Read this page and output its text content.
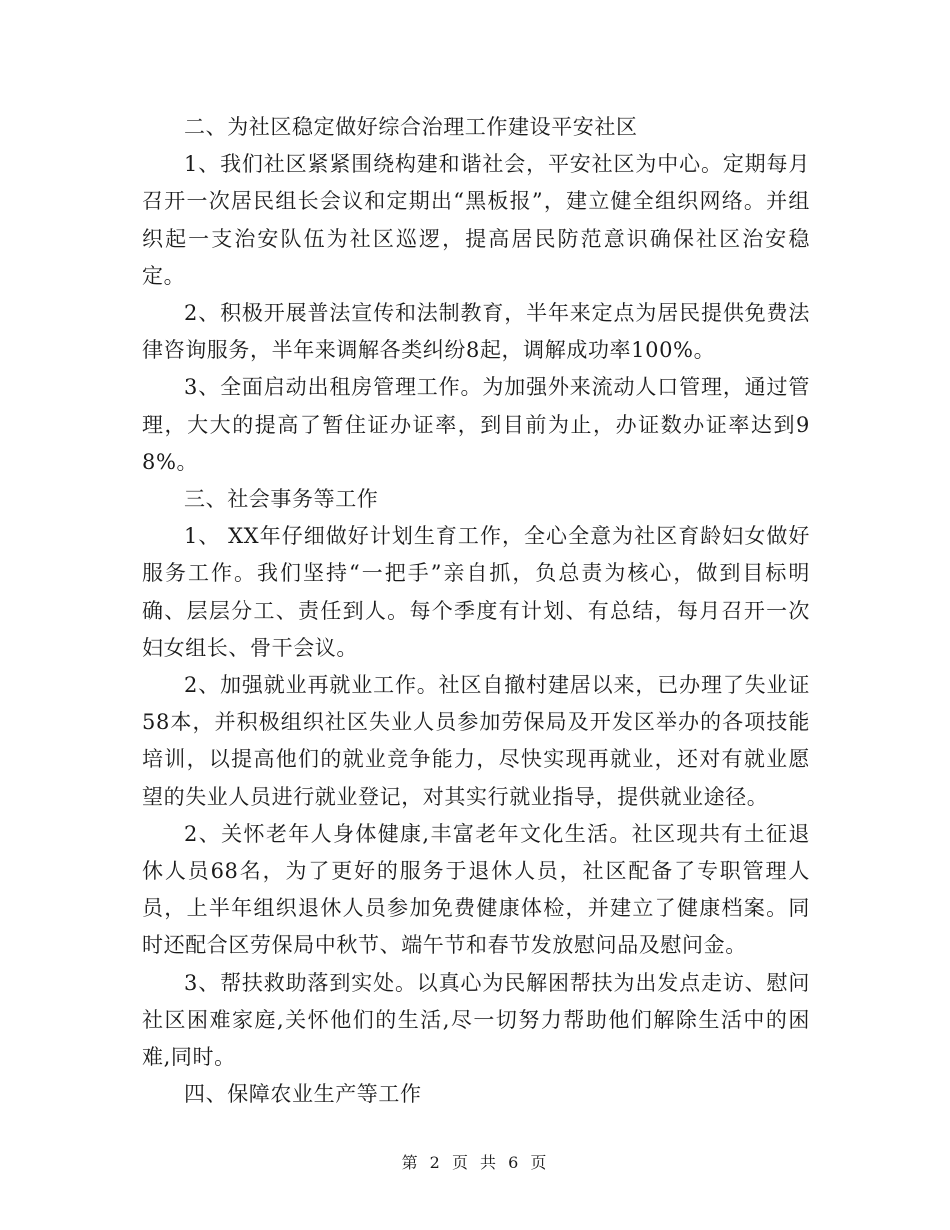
二、为社区稳定做好综合治理工作建设平安社区

1、我们社区紧紧围绕构建和谐社会，平安社区为中心。定期每月召开一次居民组长会议和定期出“黑板报”，建立健全组织网络。并组织起一支治安队伍为社区巡逻，提高居民防范意识确保社区治安稳定。

2、积极开展普法宣传和法制教育，半年来定点为居民提供免费法律咨询服务，半年来调解各类纠纷8起，调解成功率100%。

3、全面启动出租房管理工作。为加强外来流动人口管理，通过管理，大大的提高了暂住证办证率，到目前为止，办证数办证率达到98%。

三、社会事务等工作

1、 XX年仔细做好计划生育工作，全心全意为社区育龄妇女做好服务工作。我们坚持“一把手”亲自抓，负总责为核心，做到目标明确、层层分工、责任到人。每个季度有计划、有总结，每月召开一次妇女组长、骨干会议。

2、加强就业再就业工作。社区自撤村建居以来，已办理了失业证58本，并积极组织社区失业人员参加劳保局及开发区举办的各项技能培训，以提高他们的就业竞争能力，尽快实现再就业，还对有就业愿望的失业人员进行就业登记，对其实行就业指导，提供就业途径。

2、关怀老年人身体健康,丰富老年文化生活。社区现共有土征退休人员68名，为了更好的服务于退休人员，社区配备了专职管理人员，上半年组织退休人员参加免费健康体检，并建立了健康档案。同时还配合区劳保局中秋节、端午节和春节发放慰问品及慰问金。

3、帮扶救助落到实处。以真心为民解困帮扶为出发点走访、慰问社区困难家庭,关怀他们的生活,尽一切努力帮助他们解除生活中的困难,同时。

四、保障农业生产等工作

第 2 页 共 6 页
